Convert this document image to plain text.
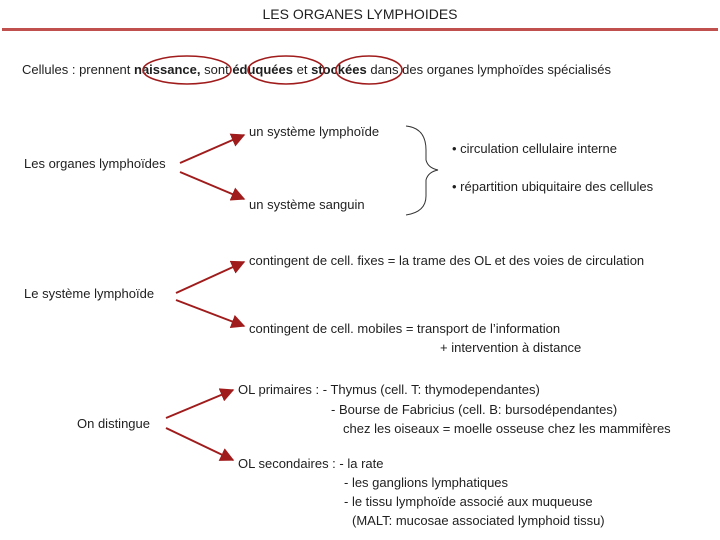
LES ORGANES LYMPHOIDES
Cellules : prennent naissance, sont éduquées et stockées dans des organes lymphoïdes spécialisés
Les organes lymphoïdes
un système lymphoïde
un système sanguin
• circulation cellulaire interne
• répartition ubiquitaire des cellules
Le système lymphoïde
contingent de cell. fixes = la trame des OL et des voies de circulation
contingent de cell. mobiles = transport de l’information
+ intervention à distance
On distingue
OL primaires : - Thymus (cell. T: thymodependantes)
- Bourse de Fabricius (cell. B: bursodépendantes)
chez les oiseaux = moelle osseuse chez les mammifères
OL secondaires : - la rate
- les ganglions lymphatiques
- le tissu lymphoïde associé aux muqueuse
(MALT: mucosae associated lymphoid tissu)
